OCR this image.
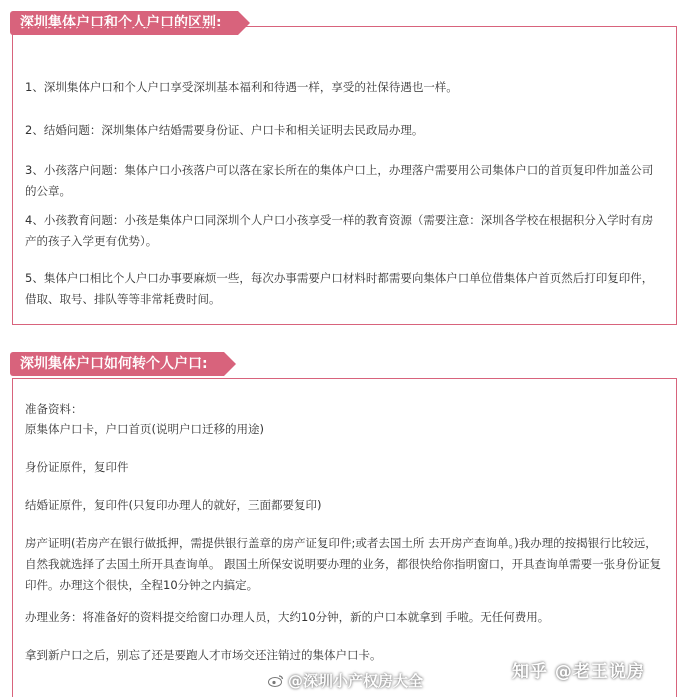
深圳集体户口和个人户口的区别:

1、深圳集体户口和个人户口享受深圳基本福利和待遇一样，享受的社保待遇也一样。

2、结婚问题：深圳集体户结婚需要身份证、户口卡和相关证明去民政局办理。

3、小孩落户问题：集体户口小孩落户可以落在家长所在的集体户口上，办理落户需要用公司集体户口的首页复印件加盖公司的公章。

4、小孩教育问题：小孩是集体户口同深圳个人户口小孩享受一样的教育资源（需要注意：深圳各学校在根据积分入学时有房产的孩子入学更有优势）。

5、集体户口相比个人户口办事要麻烦一些，每次办事需要户口材料时都需要向集体户口单位借集体户首页然后打印复印件，借取、取号、排队等等非常耗费时间。

深圳集体户口如何转个人户口:

准备资料：

原集体户口卡，户口首页(说明户口迁移的用途)

身份证原件，复印件

结婚证原件，复印件(只复印办理人的就好，三面都要复印)

房产证明(若房产在银行做抵押，需提供银行盖章的房产证复印件;或者去国土所 去开房产查询单。)我办理的按揭银行比较远，自然我就选择了去国土所开具查询单。 跟国土所保安说明要办理的业务，都很快给你指明窗口，开具查询单需要一张身份证复 印件。办理这个很快，全程10分钟之内搞定。

办理业务：将准备好的资料提交给窗口办理人员，大约10分钟，新的户口本就拿到 手啦。无任何费用。

拿到新户口之后，别忘了还是要跑人才市场交还注销过的集体户口卡。

知乎 @老王说房
@深圳小产权房大全
